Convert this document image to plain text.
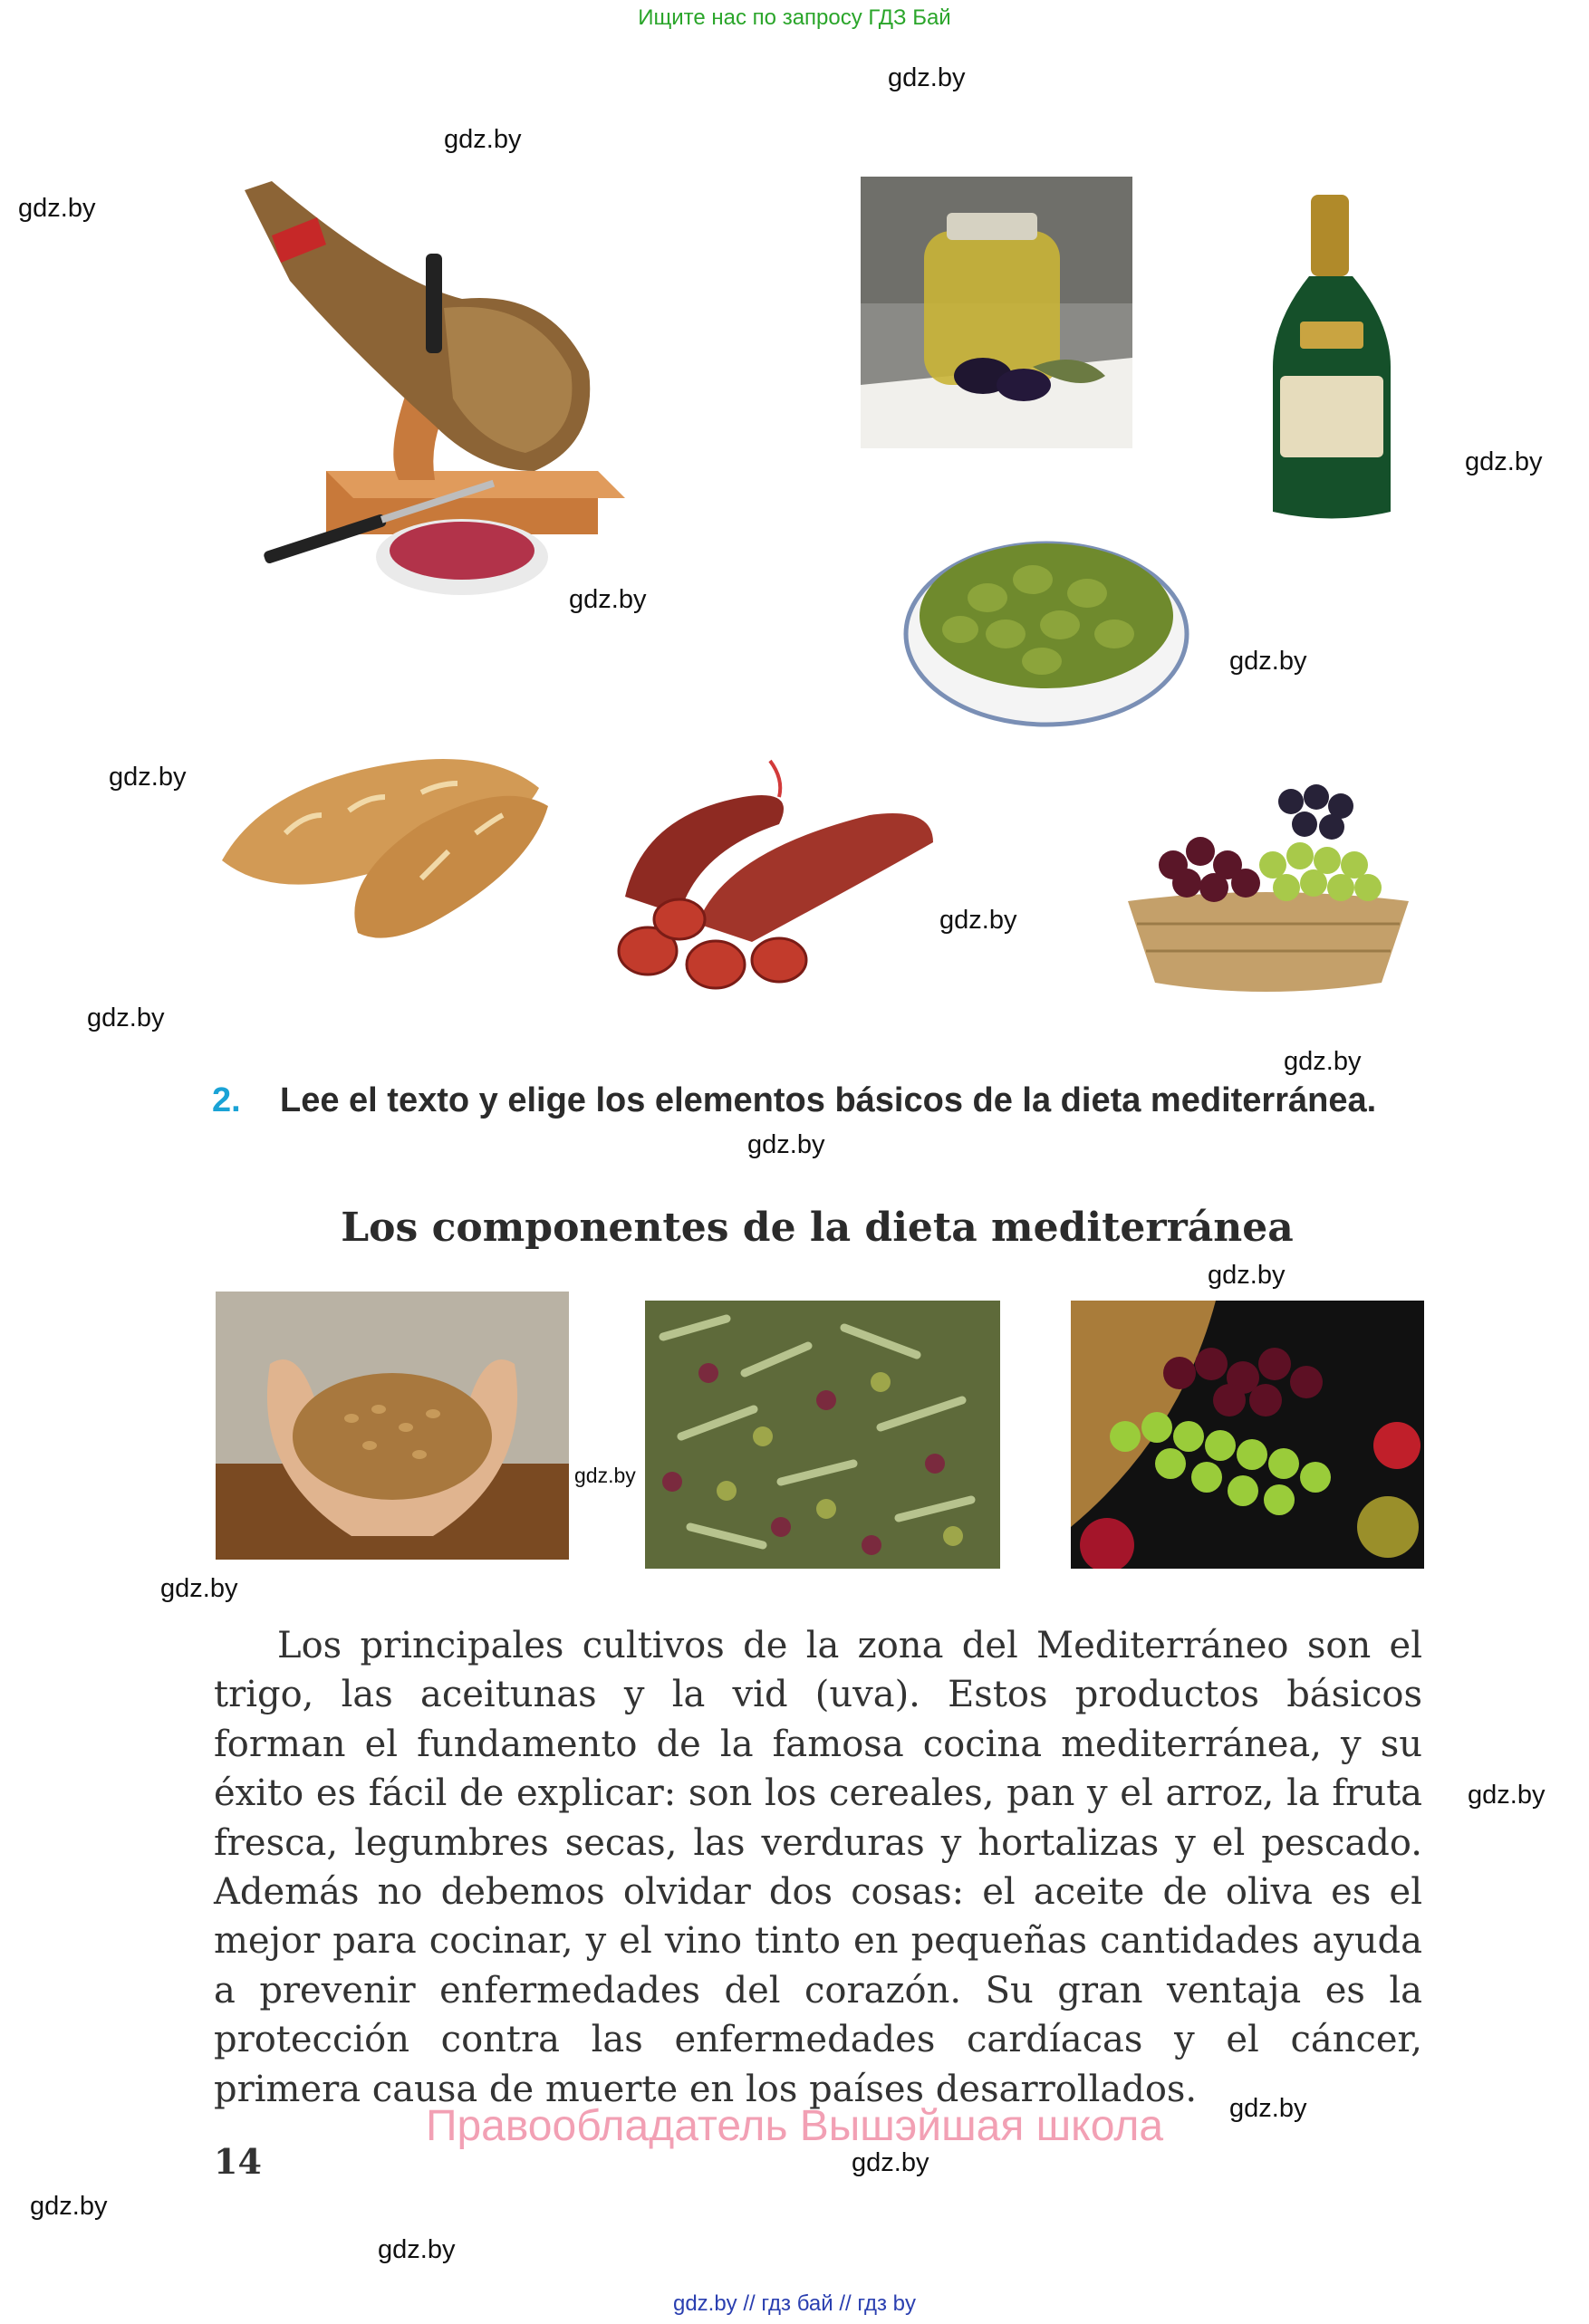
Ищите нас по запросу ГДЗ Бай
gdz.by
gdz.by
gdz.by
gdz.by
gdz.by
gdz.by
gdz.by
gdz.by
gdz.by
gdz.by
gdz.by
gdz.by
gdz.by
gdz.by
gdz.by
gdz.by
gdz.by
gdz.by
gdz.by
2. Lee el texto y elige los elementos básicos de la dieta mediterránea.
Los componentes de la dieta mediterránea
Los principales cultivos de la zona del Mediterráneo son el trigo, las aceitunas y la vid (uva). Estos productos básicos forman el fundamento de la famosa cocina mediterránea, y su éxito es fácil de explicar: son los cereales, pan y el arroz, la fruta fresca, legumbres secas, las verduras y hortalizas y el pescado. Además no debemos olvidar dos cosas: el aceite de oliva es el mejor para cocinar, y el vino tinto en pequeñas cantidades ayuda a prevenir enfermedades del corazón. Su gran ventaja es la protección contra las enfermedades cardíacas y el cáncer, primera causa de muerte en los países desarrollados.
Правообладатель Вышэйшая школа
14
gdz.by // гдз бай // гдз by
